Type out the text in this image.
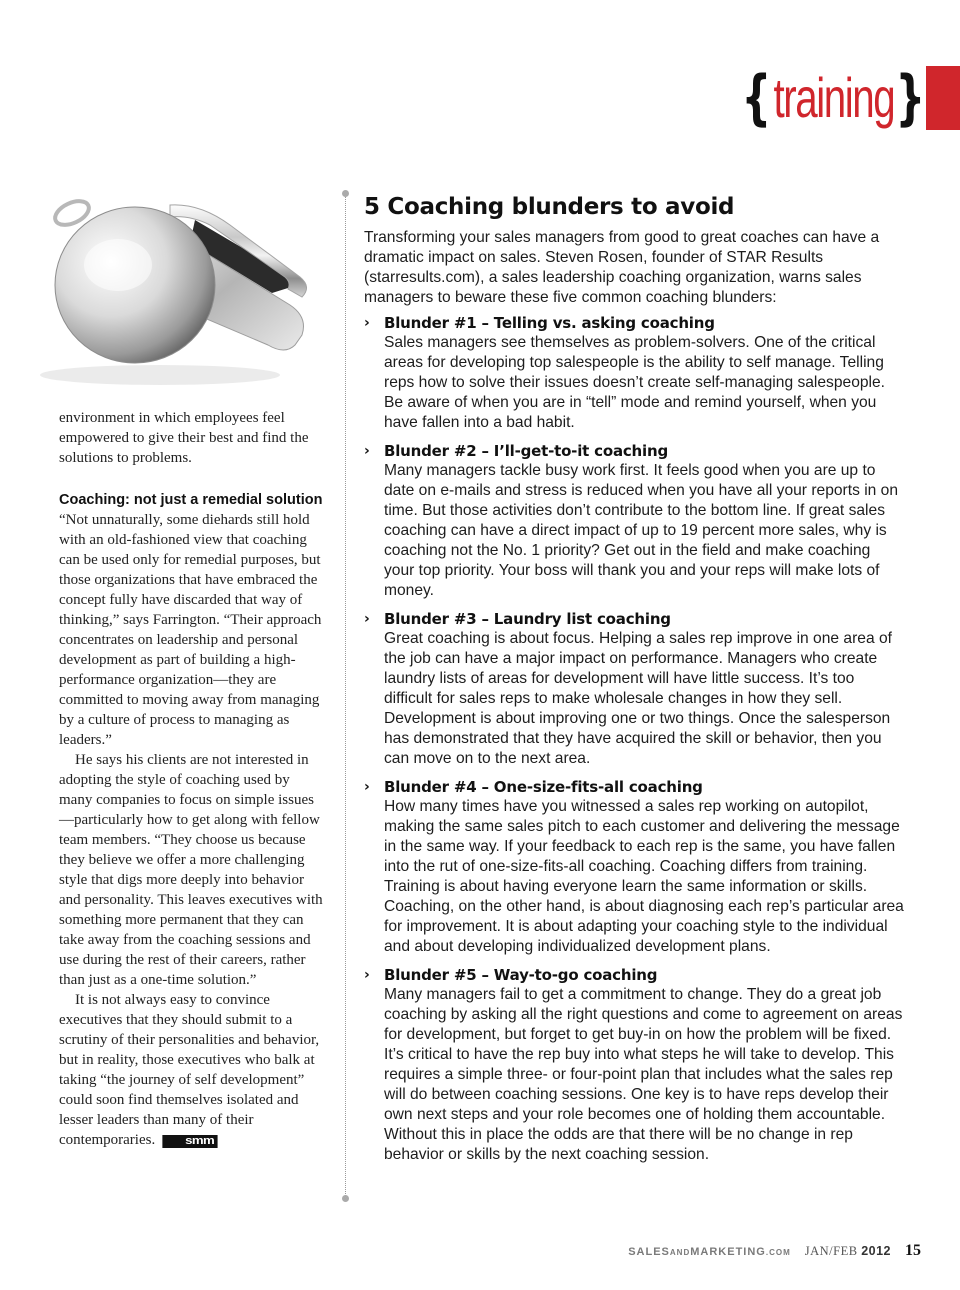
{ training }

environment in which employees feel empowered to give their best and find the solutions to problems.

Coaching: not just a remedial solution

“Not unnaturally, some diehards still hold with an old-fashioned view that coaching can be used only for remedial purposes, but those organizations that have embraced the concept fully have discarded that way of thinking,” says Farrington. “Their approach concentrates on leadership and personal development as part of building a high-performance organization—they are committed to moving away from managing by a culture of process to managing as leaders.”

He says his clients are not interested in adopting the style of coaching used by many companies to focus on simple issues—particularly how to get along with fellow team members. “They choose us because they believe we offer a more challenging style that digs more deeply into behavior and personality. This leaves executives with something more permanent that they can take away from the coaching sessions and use during the rest of their careers, rather than just as a one-time solution.”

It is not always easy to convince executives that they should submit to a scrutiny of their personalities and behavior, but in reality, those executives who balk at taking “the journey of self development” could soon find themselves isolated and lesser leaders than many of their contemporaries.	smm

5 Coaching blunders to avoid

Transforming your sales managers from good to great coaches can have a dramatic impact on sales. Steven Rosen, founder of STAR Results (starresults.com), a sales leadership coaching organization, warns sales managers to beware these five common coaching blunders:

› Blunder #1 – Telling vs. asking coaching

Sales managers see themselves as problem-solvers. One of the critical areas for developing top salespeople is the ability to self manage. Telling reps how to solve their issues doesn’t create self-managing salespeople. Be aware of when you are in “tell” mode and remind yourself, when you have fallen into a bad habit.

› Blunder #2 – I’ll-get-to-it coaching

Many managers tackle busy work first. It feels good when you are up to date on e-mails and stress is reduced when you have all your reports in on time. But those activities don’t contribute to the bottom line. If great sales coaching can have a direct impact of up to 19 percent more sales, why is coaching not the No. 1 priority? Get out in the field and make coaching your top priority. Your boss will thank you and your reps will make lots of money.

› Blunder #3 – Laundry list coaching

Great coaching is about focus. Helping a sales rep improve in one area of the job can have a major impact on performance. Managers who create laundry lists of areas for development will have little success. It’s too difficult for sales reps to make wholesale changes in how they sell. Development is about improving one or two things. Once the salesperson has demonstrated that they have acquired the skill or behavior, then you can move on to the next area.

› Blunder #4 – One-size-fits-all coaching

How many times have you witnessed a sales rep working on autopilot, making the same sales pitch to each customer and delivering the message in the same way. If your feedback to each rep is the same, you have fallen into the rut of one-size-fits-all coaching. Coaching differs from training. Training is about having everyone learn the same information or skills. Coaching, on the other hand, is about diagnosing each rep’s particular area for improvement. It is about adapting your coaching style to the individual and about developing individualized development plans.

› Blunder #5 – Way-to-go coaching

Many managers fail to get a commitment to change. They do a great job coaching by asking all the right questions and come to agreement on areas for development, but forget to get buy-in on how the problem will be fixed. It’s critical to have the rep buy into what steps he will take to develop. This requires a simple three- or four-point plan that includes what the sales rep will do between coaching sessions. One key is to have reps develop their own next steps and your role becomes one of holding them accountable. Without this in place the odds are that there will be no change in rep behavior or skills by the next coaching session.

SALESANDMARKETING.COM JAN/FEB 2012 15
